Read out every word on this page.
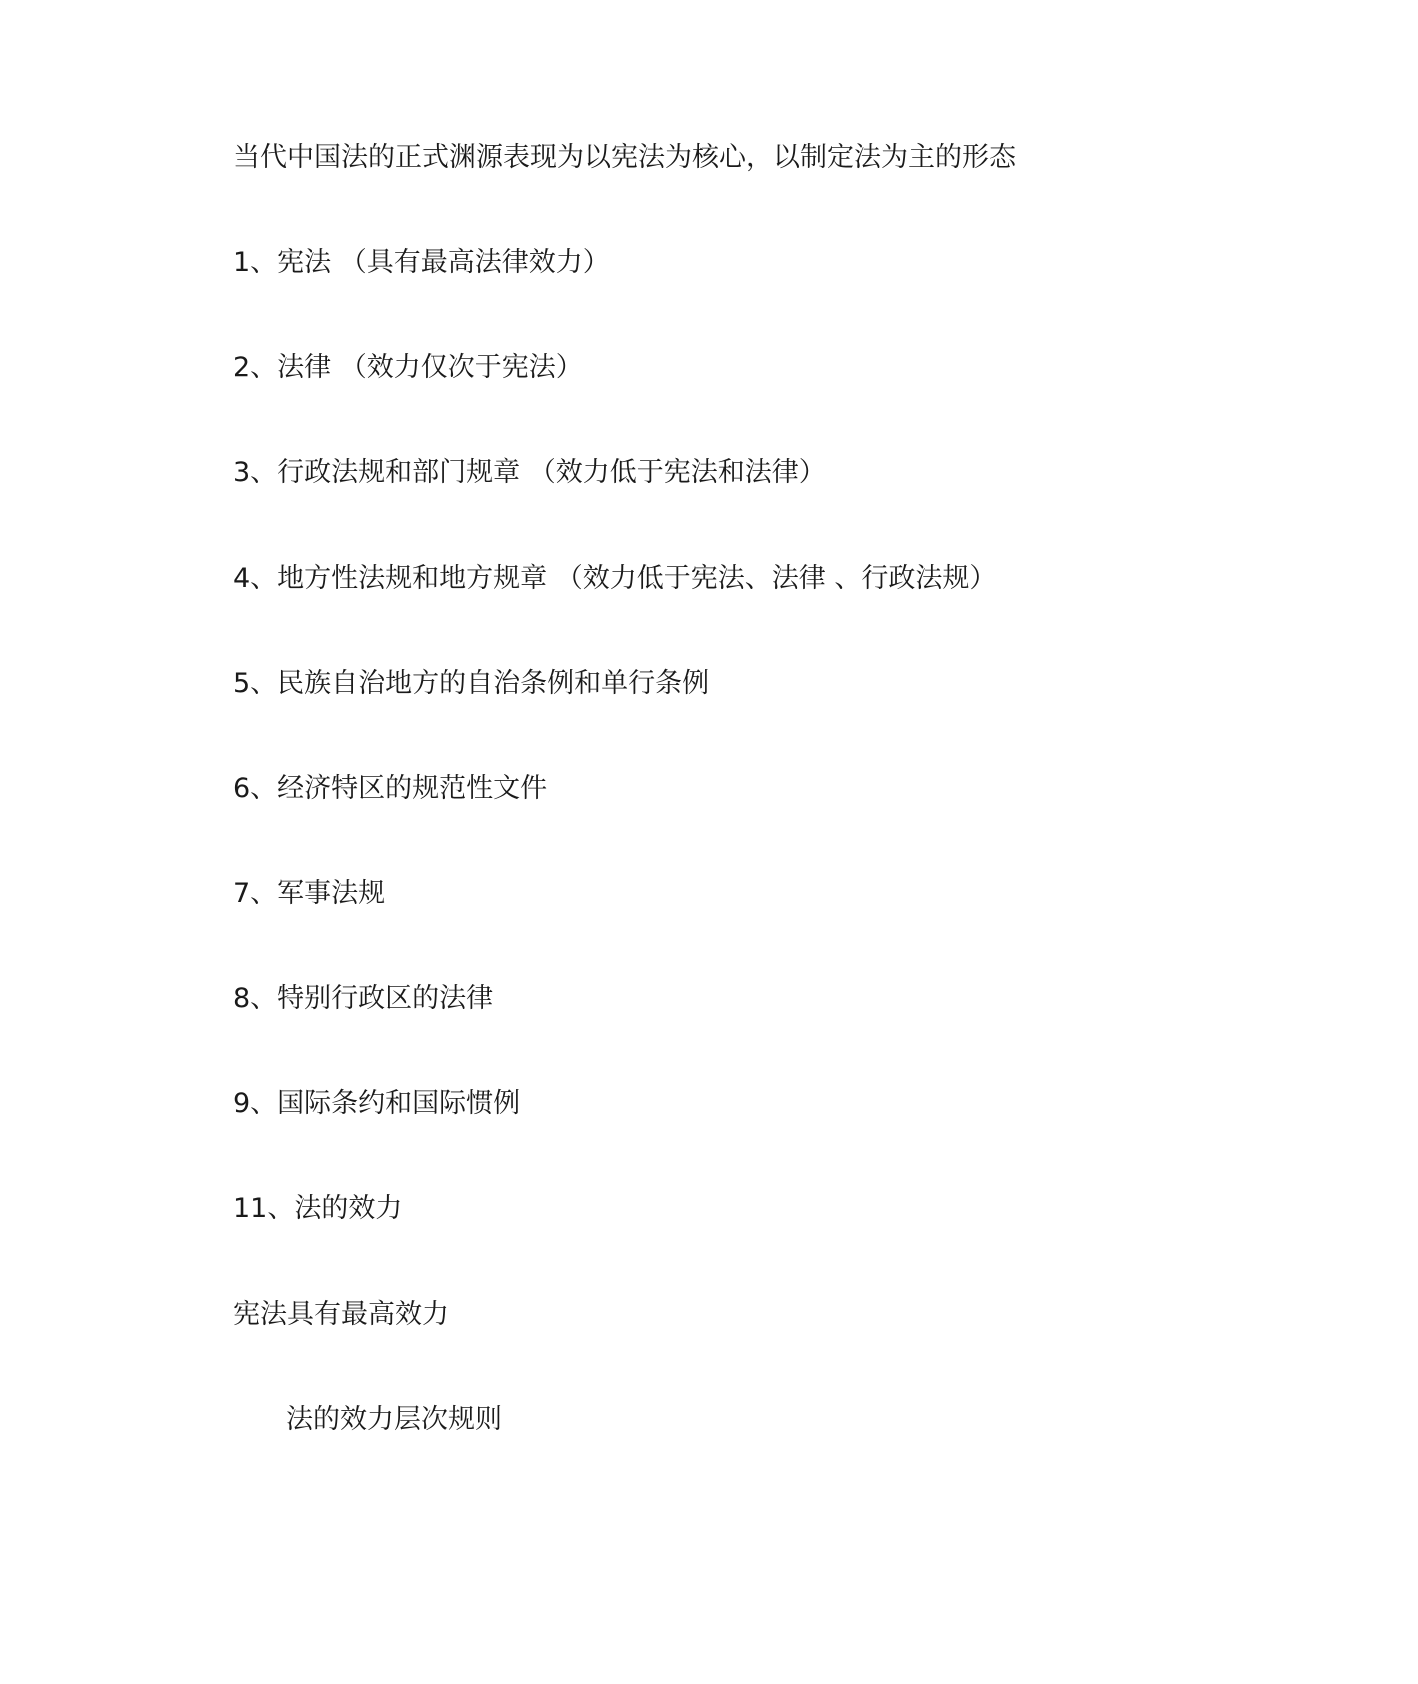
当代中国法的正式渊源表现为以宪法为核心，以制定法为主的形态
1、宪法 （具有最高法律效力）
2、法律 （效力仅次于宪法）
3、行政法规和部门规章 （效力低于宪法和法律）
4、地方性法规和地方规章 （效力低于宪法、法律 、行政法规）
5、民族自治地方的自治条例和单行条例
6、经济特区的规范性文件
7、军事法规
8、特别行政区的法律
9、国际条约和国际惯例
11、法的效力
宪法具有最高效力
法的效力层次规则
